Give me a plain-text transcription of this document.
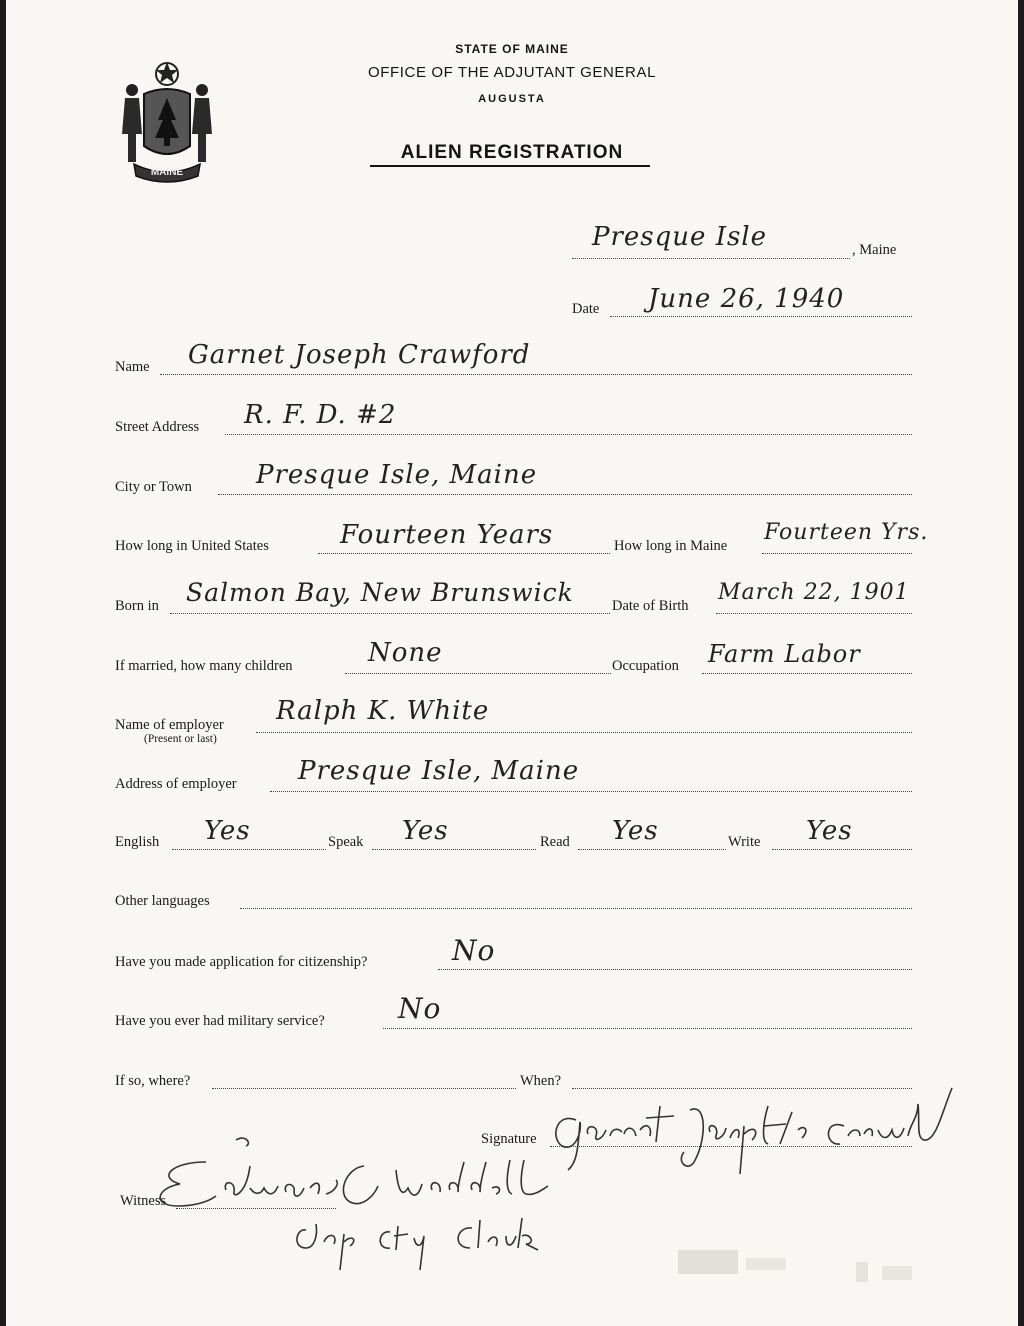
MAINE
STATE OF MAINE
OFFICE OF THE ADJUTANT GENERAL
AUGUSTA
ALIEN REGISTRATION
Presque Isle	, Maine
Date June 26, 1940
Name Garnet Joseph Crawford
Street Address R. F. D. #2
City or Town Presque Isle, Maine
How long in United States	Fourteen Years	How long in Maine
Fourteen Yrs.
Born in Salmon Bay, New Brunswick	Date of Birth
March 22, 1901
If married, how many children	None	Occupation Farm Labor
Name of employer
(Present or last)
Ralph K. White
Address of employer Presque Isle, Maine
English Yes	Speak Yes	Read Yes	Write Yes
Other languages
Have you made application for citizenship?	No
Have you ever had military service?	No
If so, where?	When?
Signature
Garnet Joseph Crawford
Witness
Edward C. Waddell
Dep. City Clerk
